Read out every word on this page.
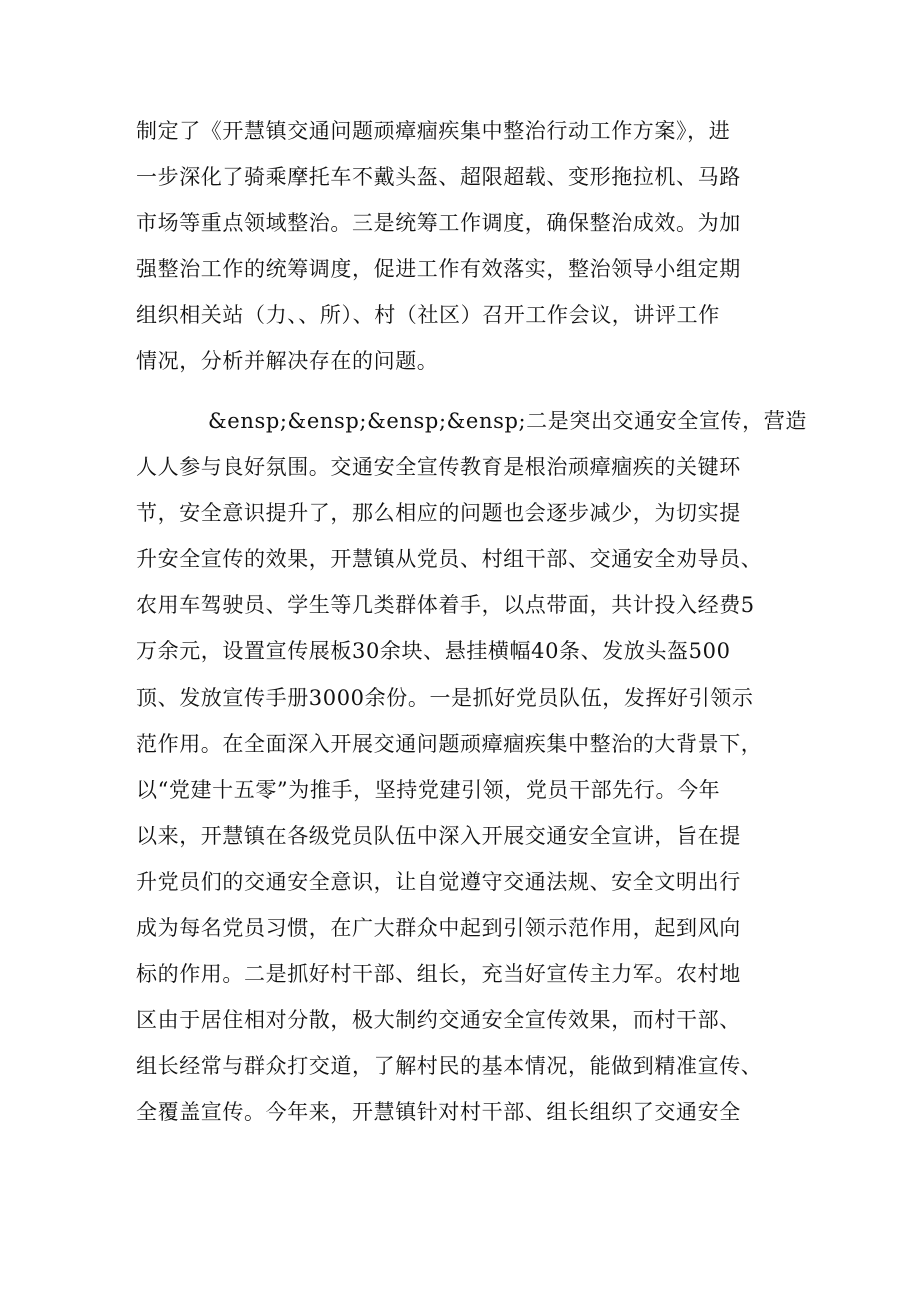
制定了《开慧镇交通问题顽瘴痼疾集中整治行动工作方案》，进
一步深化了骑乘摩托车不戴头盔、超限超载、变形拖拉机、马路
市场等重点领域整治。三是统筹工作调度，确保整治成效。为加
强整治工作的统筹调度，促进工作有效落实，整治领导小组定期
组织相关站（力、、所）、村（社区）召开工作会议，讲评工作
情况，分析并解决存在的问题。
&ensp;&ensp;&ensp;&ensp;二是突出交通安全宣传，营造
人人参与良好氛围。交通安全宣传教育是根治顽瘴痼疾的关键环
节，安全意识提升了，那么相应的问题也会逐步减少，为切实提
升安全宣传的效果，开慧镇从党员、村组干部、交通安全劝导员、
农用车驾驶员、学生等几类群体着手，以点带面，共计投入经费5
万余元，设置宣传展板30余块、悬挂横幅40条、发放头盔500
顶、发放宣传手册3000余份。一是抓好党员队伍，发挥好引领示
范作用。在全面深入开展交通问题顽瘴痼疾集中整治的大背景下，
以“党建十五零”为推手，坚持党建引领，党员干部先行。今年
以来，开慧镇在各级党员队伍中深入开展交通安全宣讲，旨在提
升党员们的交通安全意识，让自觉遵守交通法规、安全文明出行
成为每名党员习惯，在广大群众中起到引领示范作用，起到风向
标的作用。二是抓好村干部、组长，充当好宣传主力军。农村地
区由于居住相对分散，极大制约交通安全宣传效果，而村干部、
组长经常与群众打交道，了解村民的基本情况，能做到精准宣传、
全覆盖宣传。今年来，开慧镇针对村干部、组长组织了交通安全
